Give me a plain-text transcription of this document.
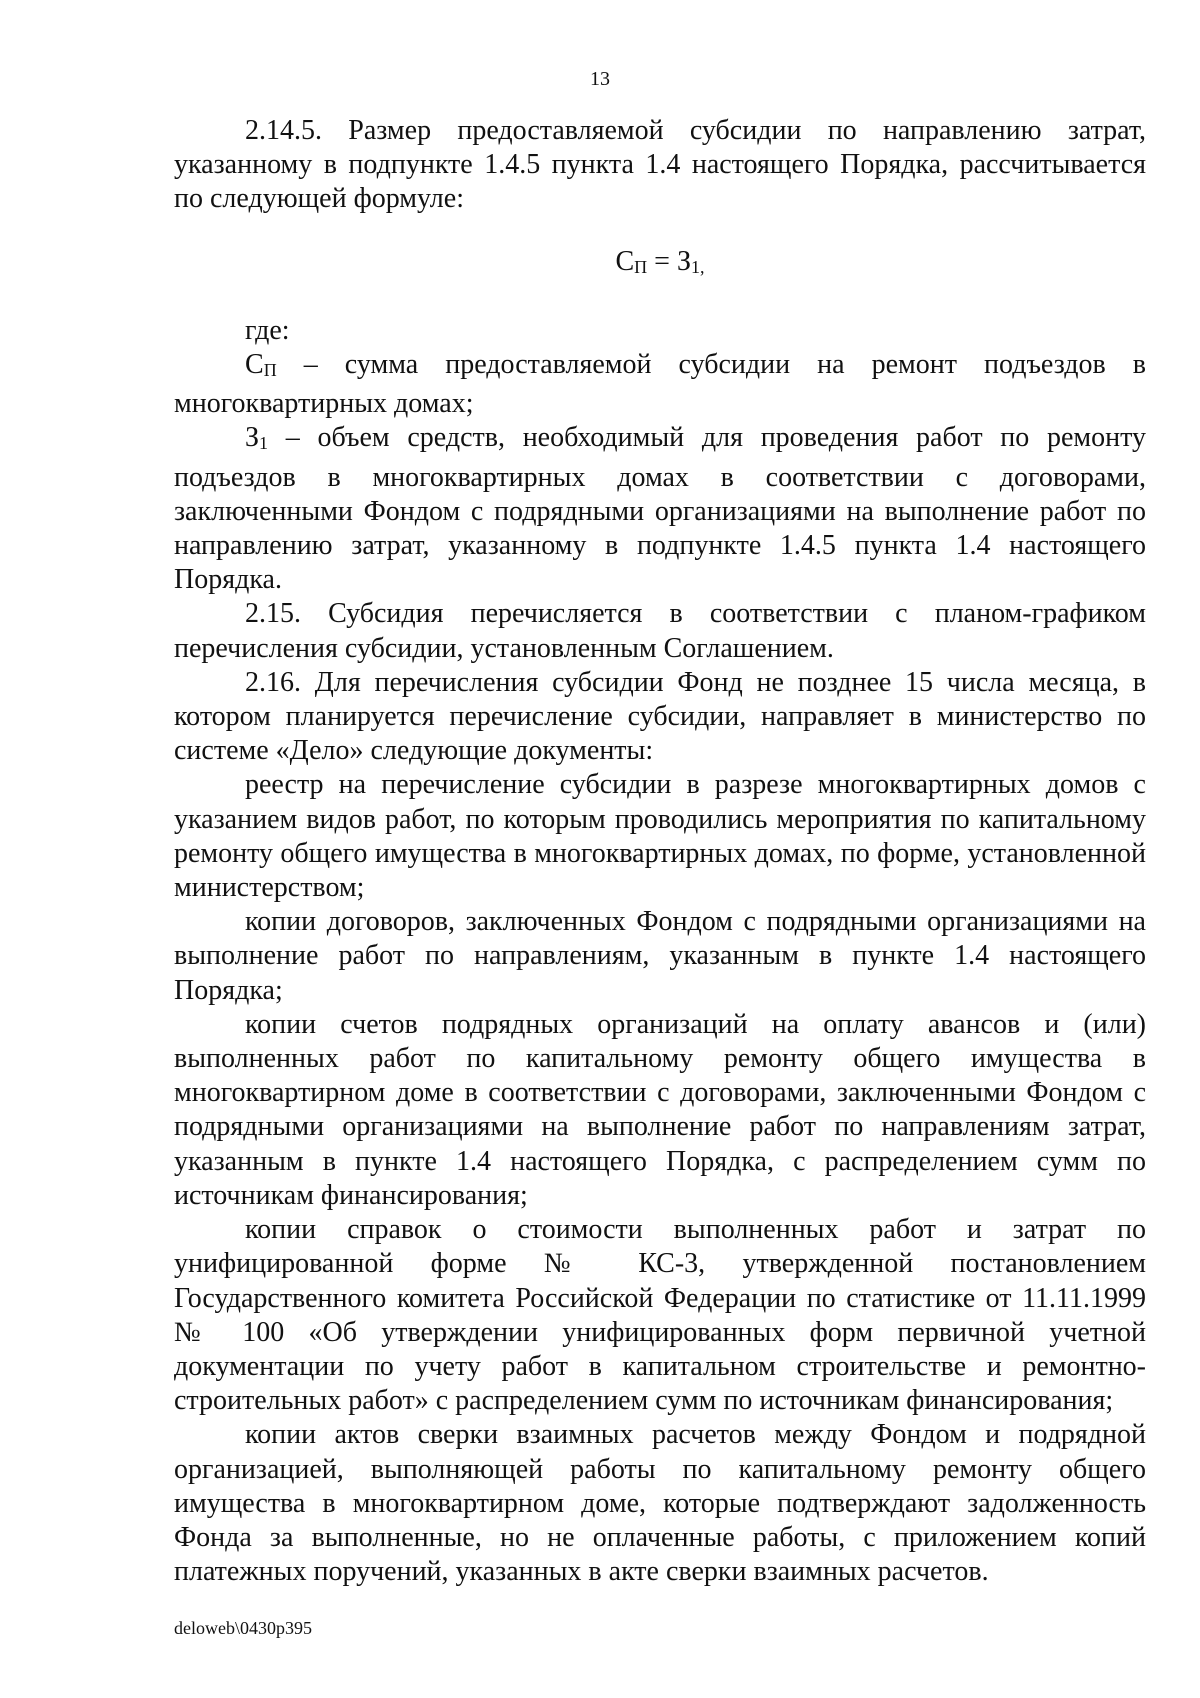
13

2.14.5. Размер предоставляемой субсидии по направлению затрат, указанному в подпункте 1.4.5 пункта 1.4 настоящего Порядка, рассчитывается по следующей формуле:

$С_П = З_{1,}$

где:

$С_П$ – сумма предоставляемой субсидии на ремонт подъездов в многоквартирных домах;

$З_1$ – объем средств, необходимый для проведения работ по ремонту подъездов в многоквартирных домах в соответствии с договорами, заключенными Фондом с подрядными организациями на выполнение работ по направлению затрат, указанному в подпункте 1.4.5 пункта 1.4 настоящего Порядка.

2.15. Субсидия перечисляется в соответствии с планом-графиком перечисления субсидии, установленным Соглашением.

2.16. Для перечисления субсидии Фонд не позднее 15 числа месяца, в котором планируется перечисление субсидии, направляет в министерство по системе «Дело» следующие документы:

реестр на перечисление субсидии в разрезе многоквартирных домов с указанием видов работ, по которым проводились мероприятия по капитальному ремонту общего имущества в многоквартирных домах, по форме, установленной министерством;

копии договоров, заключенных Фондом с подрядными организациями на выполнение работ по направлениям, указанным в пункте 1.4 настоящего Порядка;

копии счетов подрядных организаций на оплату авансов и (или) выполненных работ по капитальному ремонту общего имущества в многоквартирном доме в соответствии с договорами, заключенными Фондом с подрядными организациями на выполнение работ по направлениям затрат, указанным в пункте 1.4 настоящего Порядка, с распределением сумм по источникам финансирования;

копии справок о стоимости выполненных работ и затрат по унифицированной форме № КС-3, утвержденной постановлением Государственного комитета Российской Федерации по статистике от 11.11.1999 № 100 «Об утверждении унифицированных форм первичной учетной документации по учету работ в капитальном строительстве и ремонтно-строительных работ» с распределением сумм по источникам финансирования;

копии актов сверки взаимных расчетов между Фондом и подрядной организацией, выполняющей работы по капитальному ремонту общего имущества в многоквартирном доме, которые подтверждают задолженность Фонда за выполненные, но не оплаченные работы, с приложением копий платежных поручений, указанных в акте сверки взаимных расчетов.

deloweb\0430p395
